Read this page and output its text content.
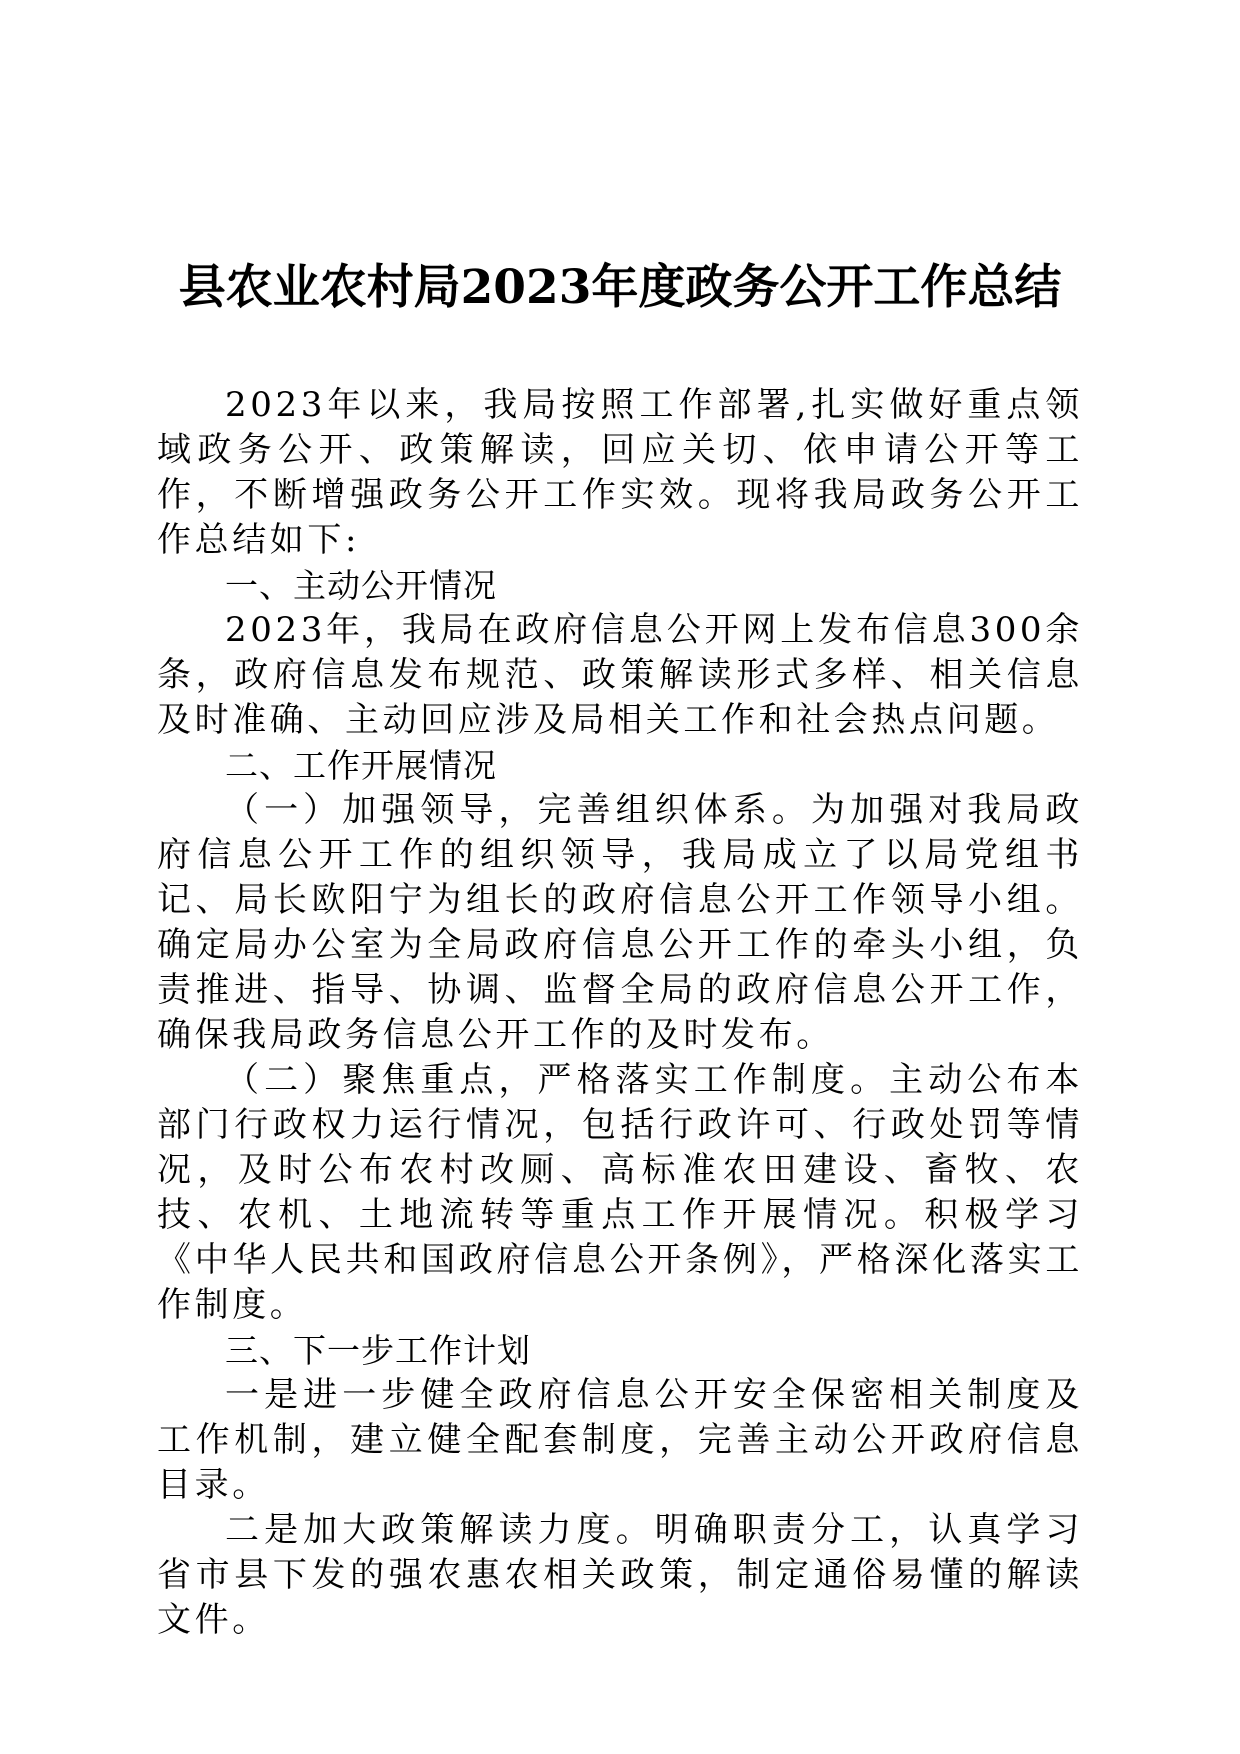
县农业农村局2023年度政务公开工作总结

2023年以来，我局按照工作部署,扎实做好重点领域政务公开、政策解读，回应关切、依申请公开等工作，不断增强政务公开工作实效。现将我局政务公开工作总结如下:

一、主动公开情况

2023年，我局在政府信息公开网上发布信息300余条，政府信息发布规范、政策解读形式多样、相关信息及时准确、主动回应涉及局相关工作和社会热点问题。

二、工作开展情况

（一）加强领导，完善组织体系。为加强对我局政府信息公开工作的组织领导，我局成立了以局党组书记、局长欧阳宁为组长的政府信息公开工作领导小组。确定局办公室为全局政府信息公开工作的牵头小组，负责推进、指导、协调、监督全局的政府信息公开工作，确保我局政务信息公开工作的及时发布。

（二）聚焦重点，严格落实工作制度。主动公布本部门行政权力运行情况，包括行政许可、行政处罚等情况，及时公布农村改厕、高标准农田建设、畜牧、农技、农机、土地流转等重点工作开展情况。积极学习《中华人民共和国政府信息公开条例》，严格深化落实工作制度。

三、下一步工作计划

一是进一步健全政府信息公开安全保密相关制度及工作机制，建立健全配套制度，完善主动公开政府信息目录。

二是加大政策解读力度。明确职责分工，认真学习省市县下发的强农惠农相关政策，制定通俗易懂的解读文件。
